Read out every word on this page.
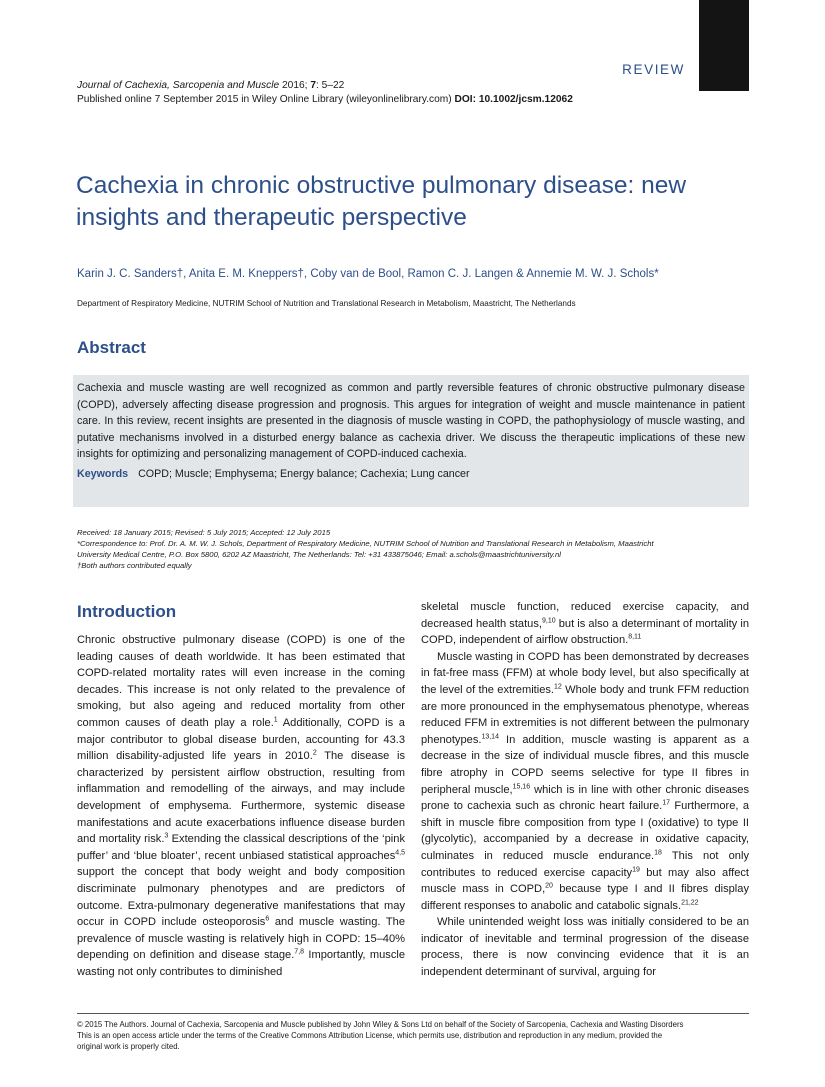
REVIEW
Journal of Cachexia, Sarcopenia and Muscle 2016; 7: 5–22
Published online 7 September 2015 in Wiley Online Library (wileyonlinelibrary.com) DOI: 10.1002/jcsm.12062
Cachexia in chronic obstructive pulmonary disease: new insights and therapeutic perspective
Karin J. C. Sanders†, Anita E. M. Kneppers†, Coby van de Bool, Ramon C. J. Langen & Annemie M. W. J. Schols*
Department of Respiratory Medicine, NUTRIM School of Nutrition and Translational Research in Metabolism, Maastricht, The Netherlands
Abstract

Cachexia and muscle wasting are well recognized as common and partly reversible features of chronic obstructive pulmonary disease (COPD), adversely affecting disease progression and prognosis. This argues for integration of weight and muscle maintenance in patient care. In this review, recent insights are presented in the diagnosis of muscle wasting in COPD, the pathophysiology of muscle wasting, and putative mechanisms involved in a disturbed energy balance as cachexia driver. We discuss the therapeutic implications of these new insights for optimizing and personalizing management of COPD-induced cachexia.

Keywords COPD; Muscle; Emphysema; Energy balance; Cachexia; Lung cancer
Received: 18 January 2015; Revised: 5 July 2015; Accepted: 12 July 2015
*Correspondence to: Prof. Dr. A. M. W. J. Schols, Department of Respiratory Medicine, NUTRIM School of Nutrition and Translational Research in Metabolism, Maastricht
University Medical Centre, P.O. Box 5800, 6202 AZ Maastricht, The Netherlands: Tel: +31 433875046; Email: a.schols@maastrichtuniversity.nl
†Both authors contributed equally
Introduction

Chronic obstructive pulmonary disease (COPD) is one of the leading causes of death worldwide. It has been estimated that COPD-related mortality rates will even increase in the coming decades. This increase is not only related to the prevalence of smoking, but also ageing and reduced mortality from other common causes of death play a role.$^1$ Additionally, COPD is a major contributor to global disease burden, accounting for 43.3 million disability-adjusted life years in 2010.$^2$ The disease is characterized by persistent airflow obstruction, resulting from inflammation and remodelling of the airways, and may include development of emphysema. Furthermore, systemic disease manifestations and acute exacerbations influence disease burden and mortality risk.$^3$ Extending the classical descriptions of the ‘pink puffer’ and ‘blue bloater’, recent unbiased statistical approaches$^{4,5}$ support the concept that body weight and body composition discriminate pulmonary phenotypes and are predictors of outcome. Extra-pulmonary degenerative manifestations that may occur in COPD include osteoporosis$^6$ and muscle wasting. The prevalence of muscle wasting is relatively high in COPD: 15–40% depending on definition and disease stage.$^{7,8}$ Importantly, muscle wasting not only contributes to diminished

skeletal muscle function, reduced exercise capacity, and decreased health status,$^{9,10}$ but is also a determinant of mortality in COPD, independent of airflow obstruction.$^{8,11}$

Muscle wasting in COPD has been demonstrated by decreases in fat-free mass (FFM) at whole body level, but also specifically at the level of the extremities.$^{12}$ Whole body and trunk FFM reduction are more pronounced in the emphysematous phenotype, whereas reduced FFM in extremities is not different between the pulmonary phenotypes.$^{13,14}$ In addition, muscle wasting is apparent as a decrease in the size of individual muscle fibres, and this muscle fibre atrophy in COPD seems selective for type II fibres in peripheral muscle,$^{15,16}$ which is in line with other chronic diseases prone to cachexia such as chronic heart failure.$^{17}$ Furthermore, a shift in muscle fibre composition from type I (oxidative) to type II (glycolytic), accompanied by a decrease in oxidative capacity, culminates in reduced muscle endurance.$^{18}$ This not only contributes to reduced exercise capacity$^{19}$ but may also affect muscle mass in COPD,$^{20}$ because type I and II fibres display different responses to anabolic and catabolic signals.$^{21,22}$

While unintended weight loss was initially considered to be an indicator of inevitable and terminal progression of the disease process, there is now convincing evidence that it is an independent determinant of survival, arguing for

© 2015 The Authors. Journal of Cachexia, Sarcopenia and Muscle published by John Wiley & Sons Ltd on behalf of the Society of Sarcopenia, Cachexia and Wasting Disorders
This is an open access article under the terms of the Creative Commons Attribution License, which permits use, distribution and reproduction in any medium, provided the
original work is properly cited.
